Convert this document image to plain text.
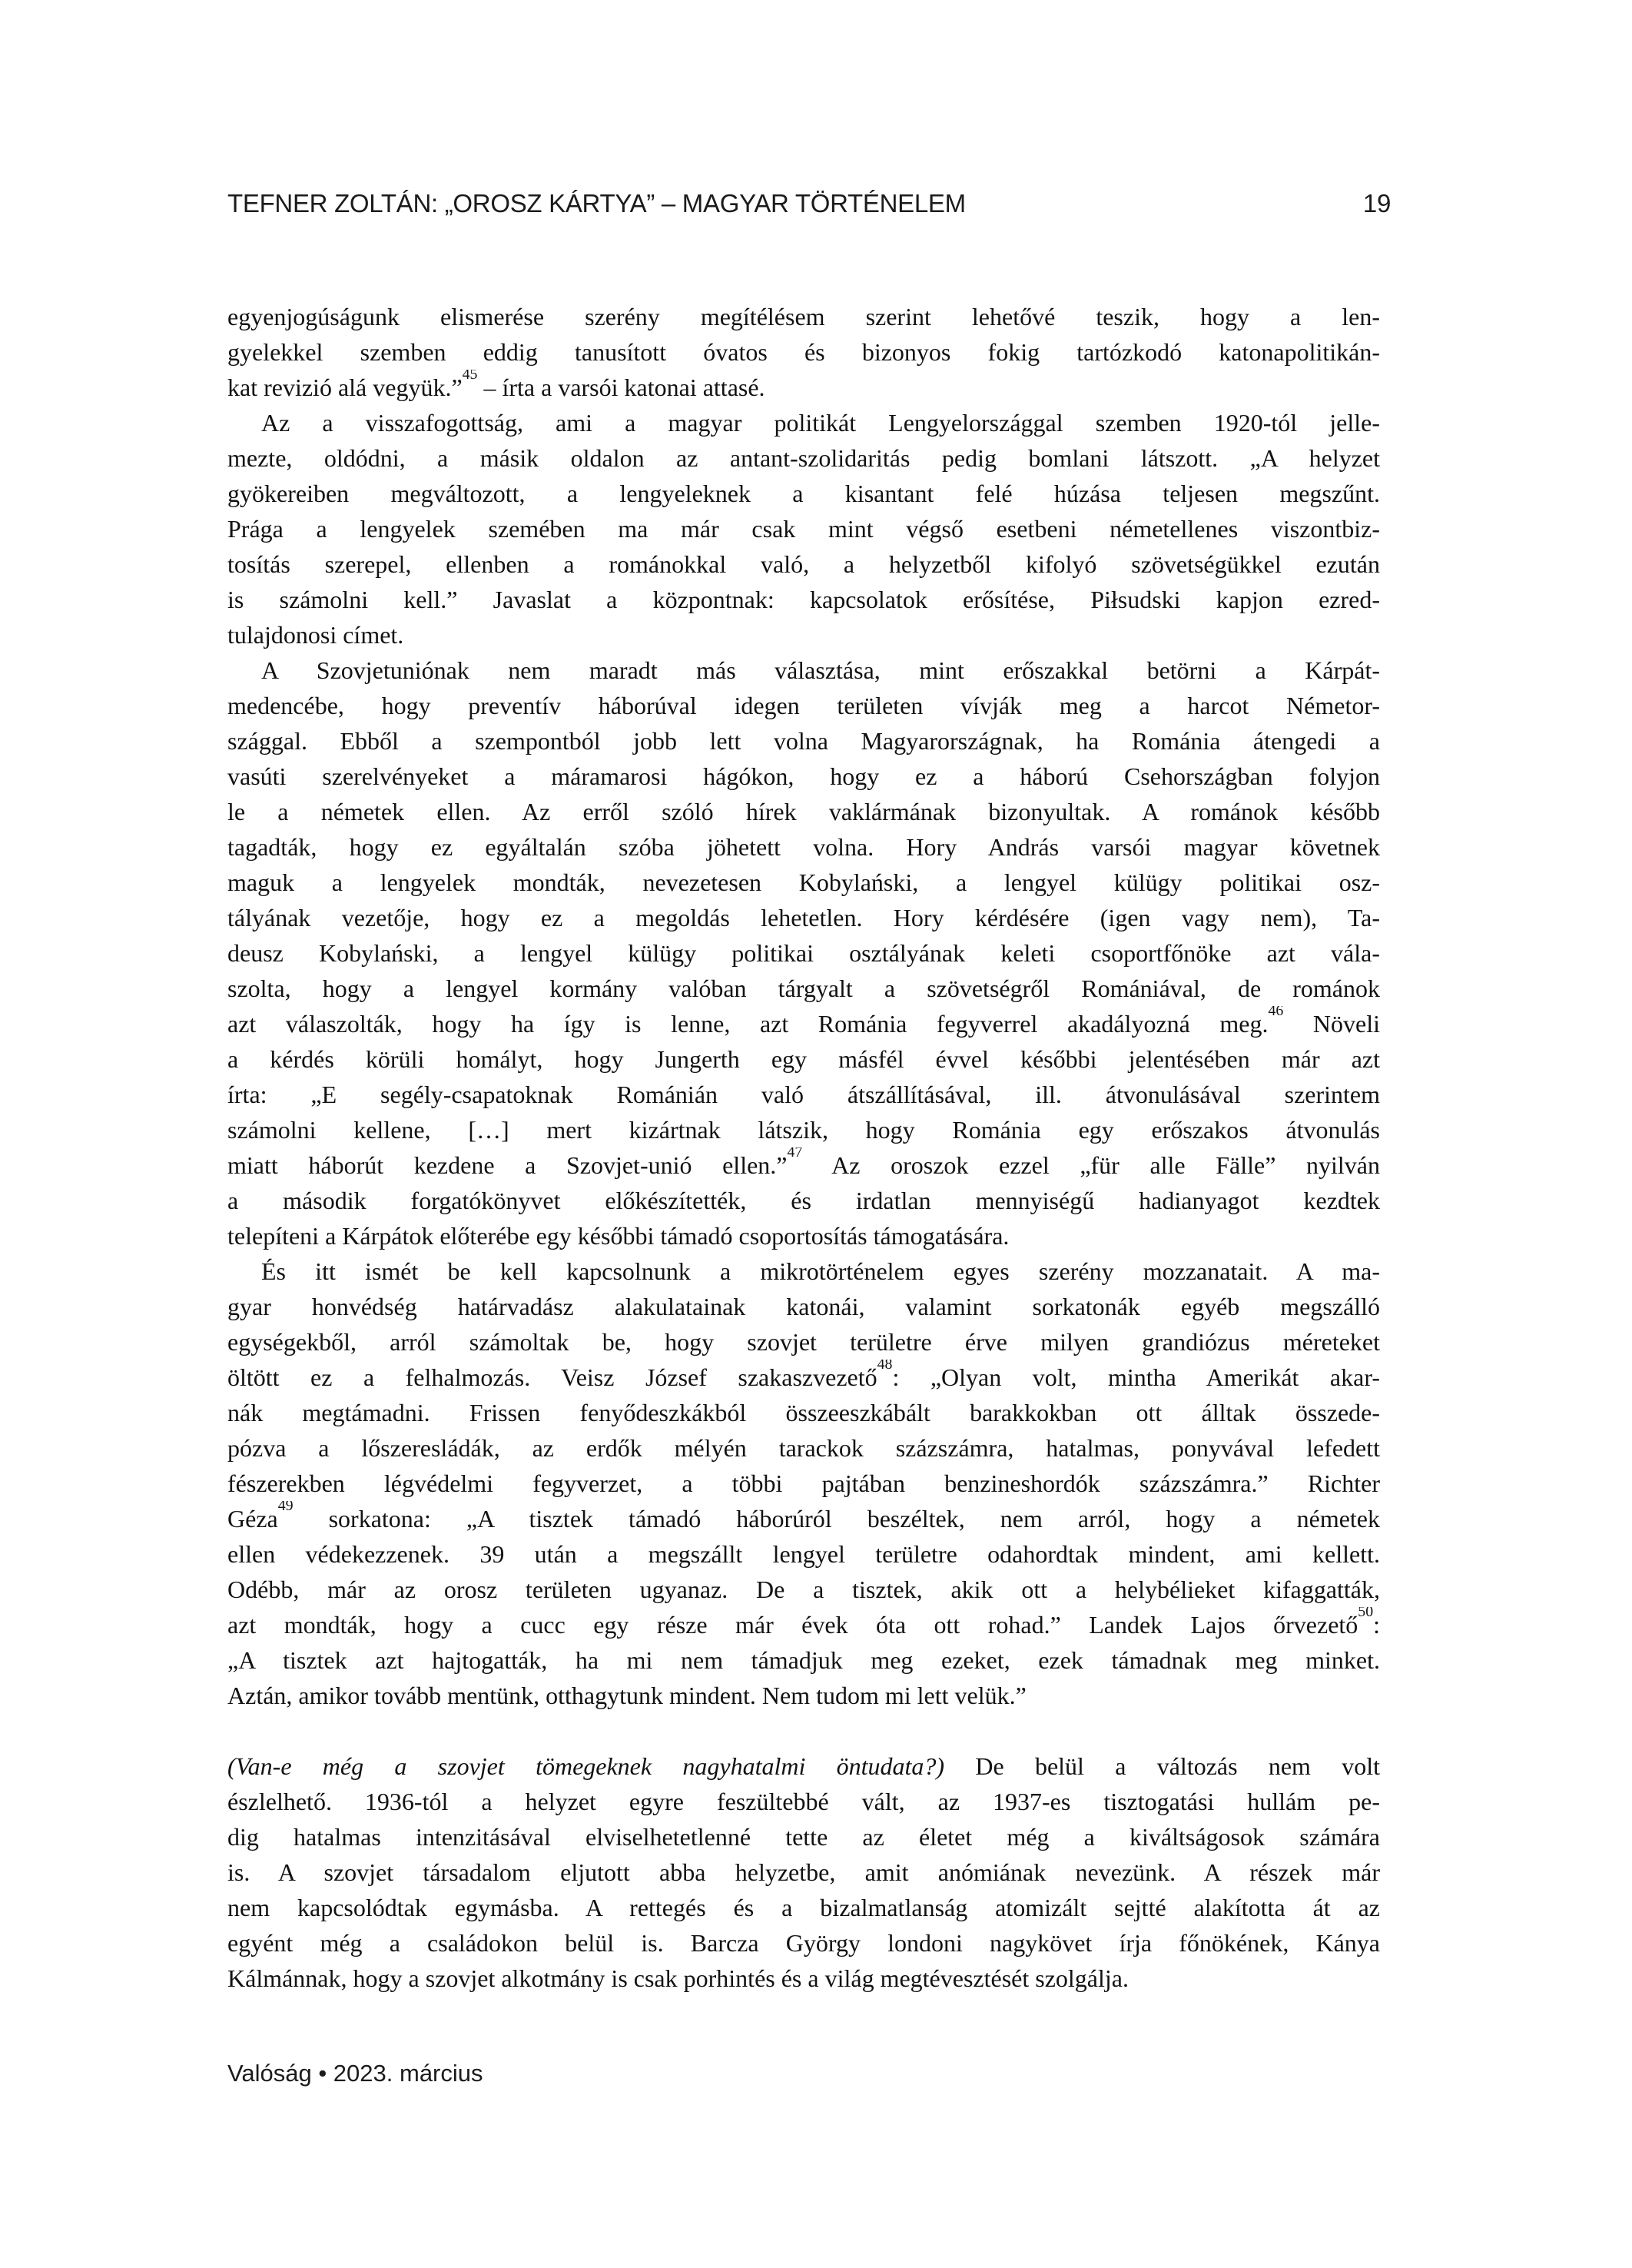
TEFNER ZOLTÁN: „OROSZ KÁRTYA” – MAGYAR TÖRTÉNELEM	19
egyenjogúságunk elismerése szerény megítélésem szerint lehetővé teszik, hogy a len-
gyelekkel szemben eddig tanusított óvatos és bizonyos fokig tartózkodó katonapolitikán-
kat revizió alá vegyük.”$^{45}$ – írta a varsói katonai attasé.
Az a visszafogottság, ami a magyar politikát Lengyelországgal szemben 1920-tól jelle-
mezte, oldódni, a másik oldalon az antant-szolidaritás pedig bomlani látszott. „A helyzet
gyökereiben megváltozott, a lengyeleknek a kisantant felé húzása teljesen megszűnt.
Prága a lengyelek szemében ma már csak mint végső esetbeni németellenes viszontbiz-
tosítás szerepel, ellenben a románokkal való, a helyzetből kifolyó szövetségükkel ezután
is számolni kell.” Javaslat a központnak: kapcsolatok erősítése, Piłsudski kapjon ezred-
tulajdonosi címet.
A Szovjetuniónak nem maradt más választása, mint erőszakkal betörni a Kárpát-
medencébe, hogy preventív háborúval idegen területen vívják meg a harcot Németor-
szággal. Ebből a szempontból jobb lett volna Magyarországnak, ha Románia átengedi a
vasúti szerelvényeket a máramarosi hágókon, hogy ez a háború Csehországban folyjon
le a németek ellen. Az erről szóló hírek vaklármának bizonyultak. A románok később
tagadták, hogy ez egyáltalán szóba jöhetett volna. Hory András varsói magyar követnek
maguk a lengyelek mondták, nevezetesen Kobylański, a lengyel külügy politikai osz-
tályának vezetője, hogy ez a megoldás lehetetlen. Hory kérdésére (igen vagy nem), Ta-
deusz Kobylański, a lengyel külügy politikai osztályának keleti csoportfőnöke azt vála-
szolta, hogy a lengyel kormány valóban tárgyalt a szövetségről Romániával, de románok
azt válaszolták, hogy ha így is lenne, azt Románia fegyverrel akadályozná meg.$^{46}$ Növeli
a kérdés körüli homályt, hogy Jungerth egy másfél évvel későbbi jelentésében már azt
írta: „E segély-csapatoknak Románián való átszállításával, ill. átvonulásával szerintem
számolni kellene, […] mert kizártnak látszik, hogy Románia egy erőszakos átvonulás
miatt háborút kezdene a Szovjet-unió ellen.”$^{47}$ Az oroszok ezzel „für alle Fälle” nyilván
a második forgatókönyvet előkészítették, és irdatlan mennyiségű hadianyagot kezdtek
telepíteni a Kárpátok előterébe egy későbbi támadó csoportosítás támogatására.
És itt ismét be kell kapcsolnunk a mikrotörténelem egyes szerény mozzanatait. A ma-
gyar honvédség határvadász alakulatainak katonái, valamint sorkatonák egyéb megszálló
egységekből, arról számoltak be, hogy szovjet területre érve milyen grandiózus méreteket
öltött ez a felhalmozás. Veisz József szakaszvezető$^{48}$: „Olyan volt, mintha Amerikát akar-
nák megtámadni. Frissen fenyődeszkákból összeeszkábált barakkokban ott álltak összede-
pózva a lőszeresládák, az erdők mélyén tarackok százszámra, hatalmas, ponyvával lefedett
fészerekben légvédelmi fegyverzet, a többi pajtában benzineshordók százszámra.” Richter
Géza$^{49}$ sorkatona: „A tisztek támadó háborúról beszéltek, nem arról, hogy a németek
ellen védekezzenek. 39 után a megszállt lengyel területre odahordtak mindent, ami kellett.
Odébb, már az orosz területen ugyanaz. De a tisztek, akik ott a helybélieket kifaggatták,
azt mondták, hogy a cucc egy része már évek óta ott rohad.” Landek Lajos őrvezető$^{50}$:
„A tisztek azt hajtogatták, ha mi nem támadjuk meg ezeket, ezek támadnak meg minket.
Aztán, amikor tovább mentünk, otthagytunk mindent. Nem tudom mi lett velük.”
(Van-e még a szovjet tömegeknek nagyhatalmi öntudata?) De belül a változás nem volt
észlelhető. 1936-tól a helyzet egyre feszültebbé vált, az 1937-es tisztogatási hullám pe-
dig hatalmas intenzitásával elviselhetetlenné tette az életet még a kiváltságosok számára
is. A szovjet társadalom eljutott abba helyzetbe, amit anómiának nevezünk. A részek már
nem kapcsolódtak egymásba. A rettegés és a bizalmatlanság atomizált sejtté alakította át az
egyént még a családokon belül is. Barcza György londoni nagykövet írja főnökének, Kánya
Kálmánnak, hogy a szovjet alkotmány is csak porhintés és a világ megtévesztését szolgálja.
Valóság • 2023. március
